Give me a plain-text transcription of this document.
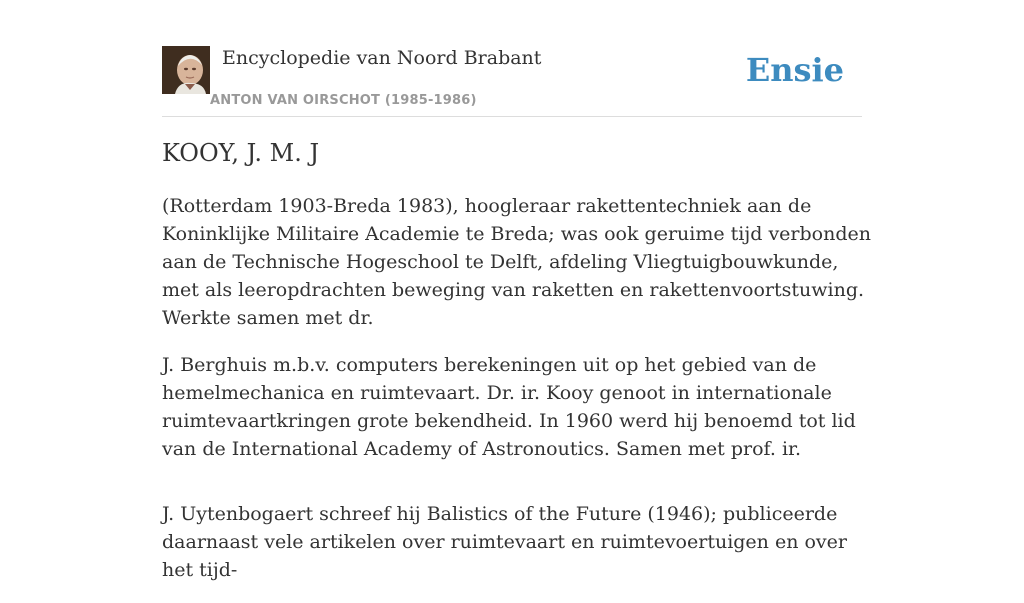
Encyclopedie van Noord Brabant
ANTON VAN OIRSCHOT (1985-1986)
Ensie
KOOY, J. M. J

(Rotterdam 1903-Breda 1983), hoogleraar rakettentechniek aan de Koninklijke Militaire Academie te Breda; was ook geruime tijd verbonden aan de Technische Hogeschool te Delft, afdeling Vliegtuigbouwkunde, met als leeropdrachten beweging van raketten en rakettenvoortstuwing. Werkte samen met dr.

J. Berghuis m.b.v. computers berekeningen uit op het gebied van de hemelmechanica en ruimtevaart. Dr. ir. Kooy genoot in internationale ruimtevaartkringen grote bekendheid. In 1960 werd hij benoemd tot lid van de International Academy of Astronoutics. Samen met prof. ir.

J. Uytenbogaert schreef hij Balistics of the Future (1946); publiceerde daarnaast vele artikelen over ruimtevaart en ruimtevoertuigen en over het tijd-
